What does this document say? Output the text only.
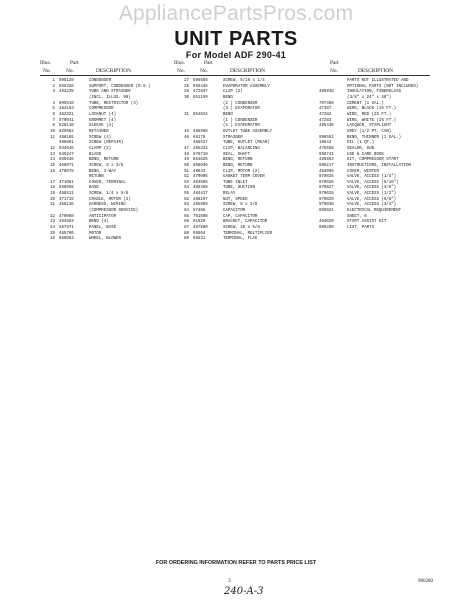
AppliancePartsPros.com
UNIT PARTS
For Model ADF 290-41
Illus.	Part
No.	No.	DESCRIPTION
1 995120	CONDENSER
2 856328	SUPPORT, CONDENSER (R.S.)
3 484235	TUBE AND STRAINER
(INCL. ILLUS. 90)
4 995519	TUBE, RESTRICTOR (3)
5 484163	COMPRESSOR
6 482321	LOCKNUT (4)
7 979041	GROMMET (4)
8 828110	SLEEVE (4)
10 925062	RETAINER
11 488185	SCREW (4)
488861	SCREW (REPAIR)
12 943646	CLAMP (2)
13 646247	BLADE
14 955646	BEND, RETURN
15 468071	SCREW, 8 x 3/8
16 478078	BEND, 3-WAY
RETURN
17 471061	COVER, TERMINAL
18 856058	BASE
19 468511	SCREW, 1/4 x 5/8
20 471715	CRADLE, MOTOR (2)
21 456136	HARNESS, WIRING
(COMPRESSOR SERVICE)
22 470068	ANTICIPATOR
23 494893	BEND (4)
24 667971	PANEL, BASE
25 485700	MOTOR
26 856063	WHEEL, BLOWER
Illus.	Part
No.	No.	DESCRIPTION
27 595685	SCREW, 5/16 x 1/4
28 855436	EVAPORATOR ASSEMBLY
29 472847	CLIP (2)
30 851199	BEND
(2 ) CONDENSER
(3 ) EVAPORATOR
31 854624	BEND
(1 ) CONDENSER
(1 ) EVAPORATOR
45 485958	OUTLET TUBE ASSEMBLY
46 69179	STRAINER
485527	TUBE, OUTLET (REAR)
47 485334	CLIP, BALANCING
48 676719	SEAL, SHAFT
49 854625	BEND, RETURN
50 856036	BEND, RETURN
51 49633	CLIP, MOTOR (2)
52 470005	GASKET TERM COVER
53 484085	TUBE INLET
54 485455	TUBE, SUCTION
55 484417	RELAY
62 486197	NUT, SPEED
63 485969	SCREW, 8 x 3/8
64 67466	CAPACITOR
65 791808	CAP, CAPACITOR
66 61529	BRACKET, CAPACITOR
67 487880	SCREW, 10 x 5/8
88 99504	TERMINAL, MULTIPLIER
89 65531	TERMINAL, FLAG
Part
No.	DESCRIPTION
PARTS NOT ILLUSTRATED AND
OPTIONAL PARTS (NOT INCLUDED)
485938	INSULATION, FIBERGLASS
(3/8" x 24" x 48")
797408	CEMENT (1 GAL.)
47387	WIRE, BLACK (15 FT.)
47282	WIRE, RED (25 FT.)
47283	WIRE, WHITE (25 FT.)
485436	LACQUER, STAPLIGHT
GREY (1/2 PT. CAN)
998551	BEND, THINNER (1 GAL.)
10843	OIL (1 QT.)
478558	SEALER, GUN
998741	USE & CARE BOOK
485863	KIT, COMPRESSOR START
998217	INSTRUCTIONS, INSTALLATION
484066	COVER, WINTER
979025	VALVE, ACCESS (1/4")
979026	VALVE, ACCESS (5/16")
979027	VALVE, ACCESS (3/8")
979028	VALVE, ACCESS (1/2")
979029	VALVE, ACCESS (5/8")
979030	VALVE, ACCESS (3/4")
859921	ELECTRICAL REQUIREMENT
SHEET, 8
484020	START ASSIST KIT
980280	LIST, PARTS
FOR ORDERING INFORMATION REFER TO PARTS PRICE LIST
3	980280
240-A-3
